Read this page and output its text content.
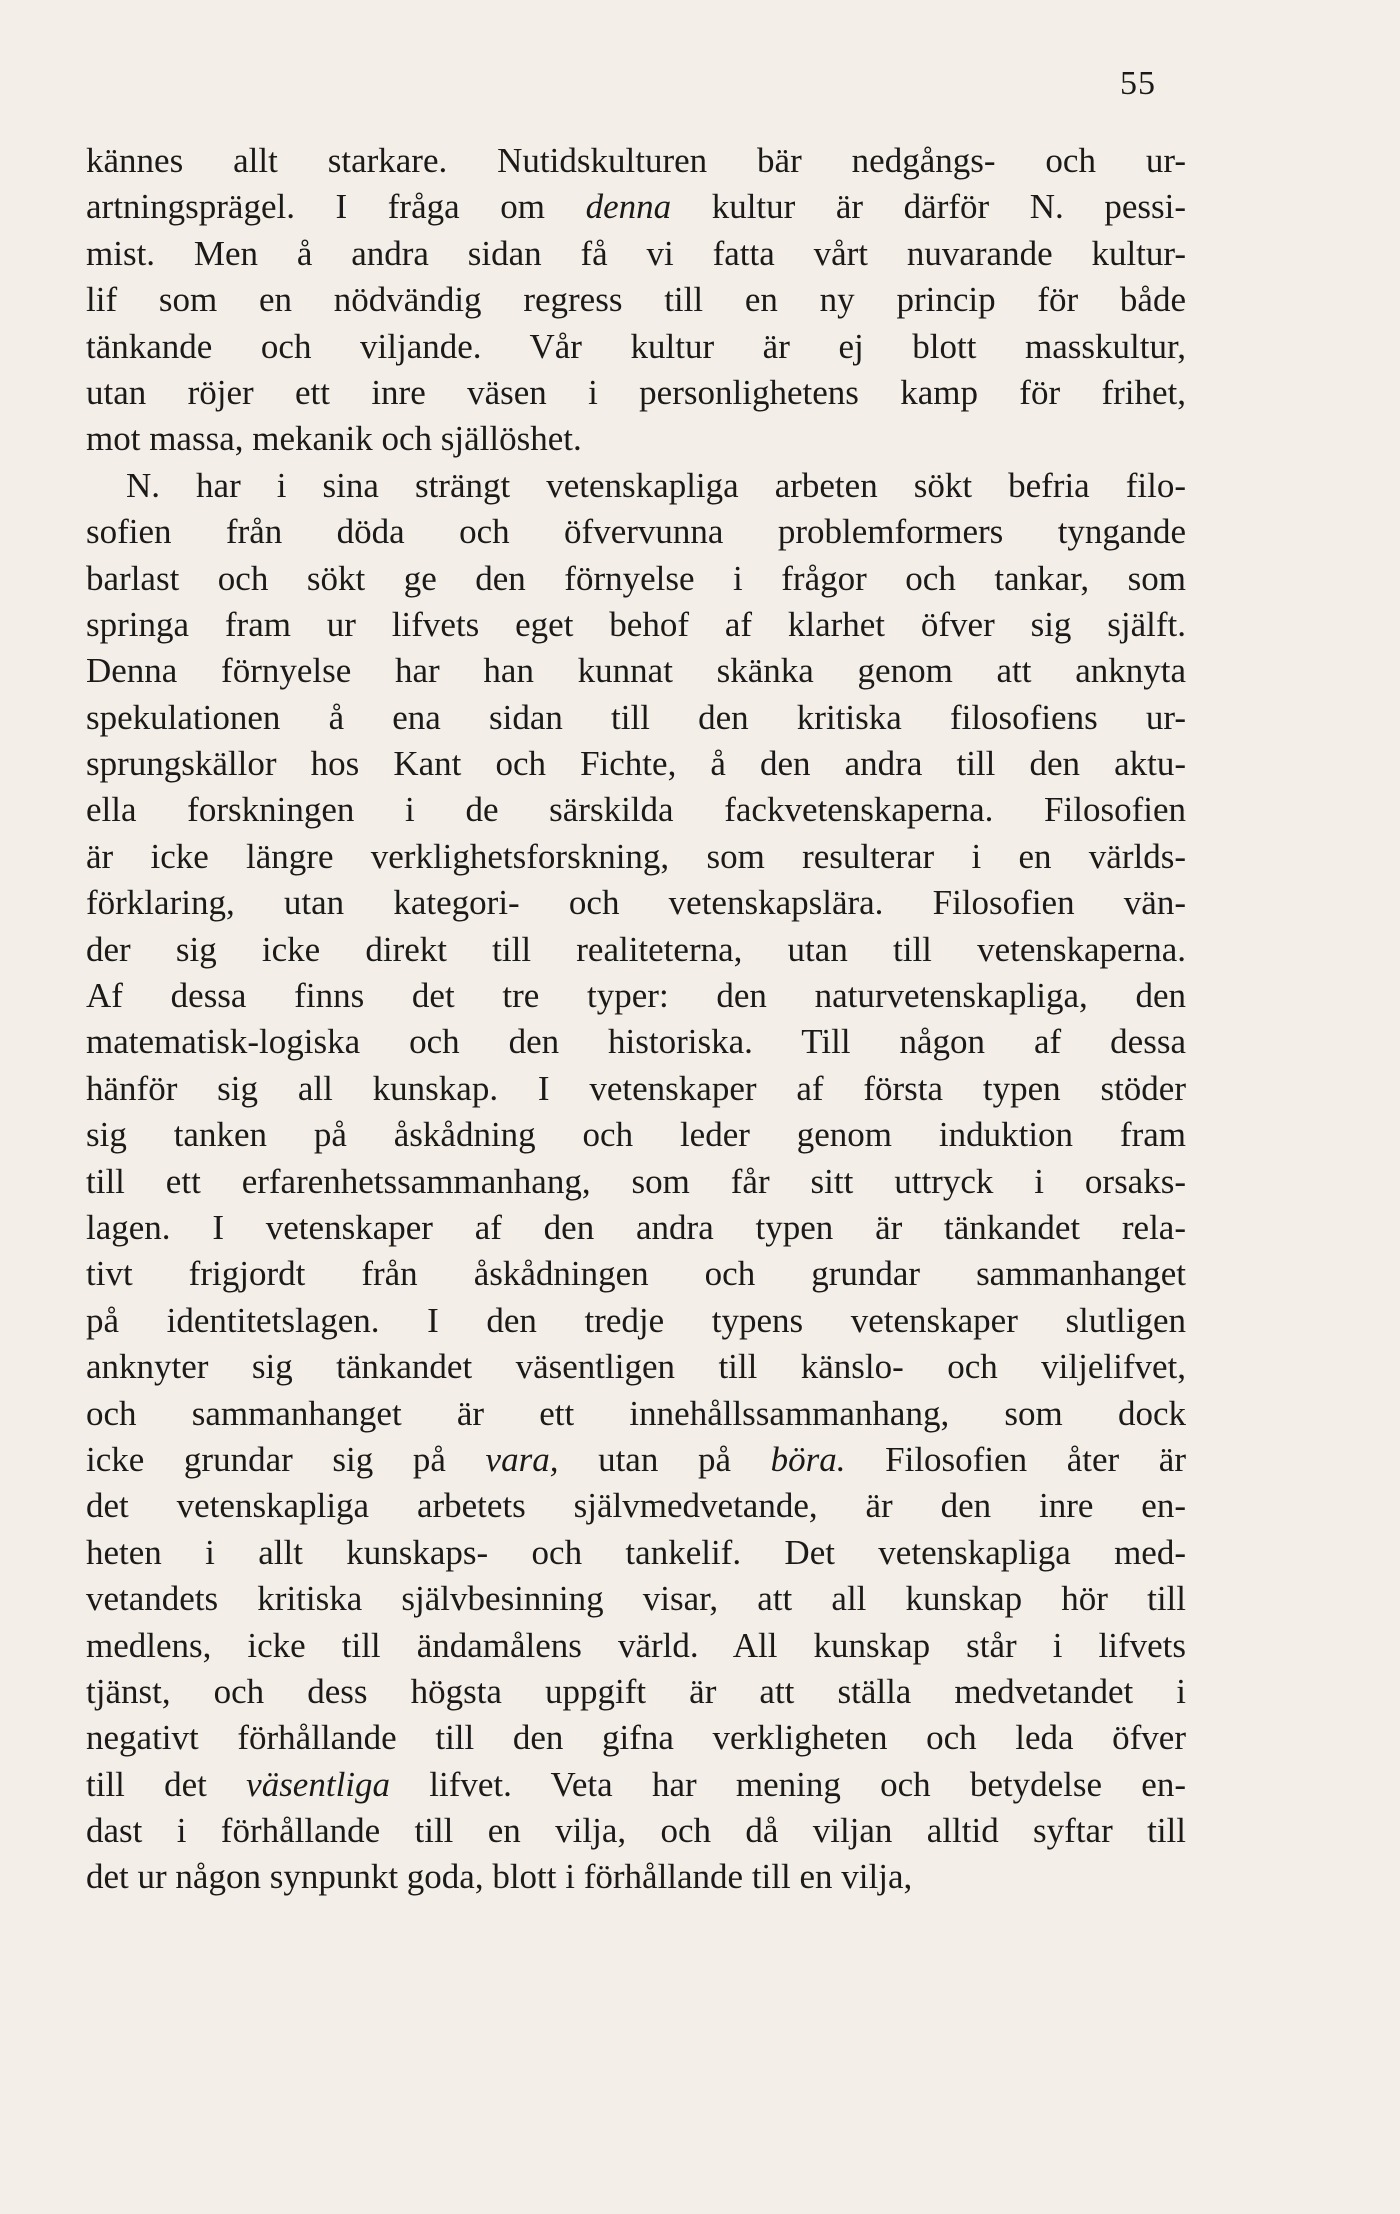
55
kännes allt starkare. Nutidskulturen bär nedgångs- och ur-
artningsprägel. I fråga om denna kultur är därför N. pessi-
mist. Men å andra sidan få vi fatta vårt nuvarande kultur-
lif som en nödvändig regress till en ny princip för både
tänkande och viljande. Vår kultur är ej blott masskultur,
utan röjer ett inre väsen i personlighetens kamp för frihet,
mot massa, mekanik och själlöshet.
N. har i sina strängt vetenskapliga arbeten sökt befria filo-
sofien från döda och öfvervunna problemformers tyngande
barlast och sökt ge den förnyelse i frågor och tankar, som
springa fram ur lifvets eget behof af klarhet öfver sig själft.
Denna förnyelse har han kunnat skänka genom att anknyta
spekulationen å ena sidan till den kritiska filosofiens ur-
sprungskällor hos Kant och Fichte, å den andra till den aktu-
ella forskningen i de särskilda fackvetenskaperna. Filosofien
är icke längre verklighetsforskning, som resulterar i en världs-
förklaring, utan kategori- och vetenskapslära. Filosofien vän-
der sig icke direkt till realiteterna, utan till vetenskaperna.
Af dessa finns det tre typer: den naturvetenskapliga, den
matematisk-logiska och den historiska. Till någon af dessa
hänför sig all kunskap. I vetenskaper af första typen stöder
sig tanken på åskådning och leder genom induktion fram
till ett erfarenhetssammanhang, som får sitt uttryck i orsaks-
lagen. I vetenskaper af den andra typen är tänkandet rela-
tivt frigjordt från åskådningen och grundar sammanhanget
på identitetslagen. I den tredje typens vetenskaper slutligen
anknyter sig tänkandet väsentligen till känslo- och viljelifvet,
och sammanhanget är ett innehållssammanhang, som dock
icke grundar sig på vara, utan på böra. Filosofien åter är
det vetenskapliga arbetets självmedvetande, är den inre en-
heten i allt kunskaps- och tankelif. Det vetenskapliga med-
vetandets kritiska självbesinning visar, att all kunskap hör till
medlens, icke till ändamålens värld. All kunskap står i lifvets
tjänst, och dess högsta uppgift är att ställa medvetandet i
negativt förhållande till den gifna verkligheten och leda öfver
till det väsentliga lifvet. Veta har mening och betydelse en-
dast i förhållande till en vilja, och då viljan alltid syftar till
det ur någon synpunkt goda, blott i förhållande till en vilja,
